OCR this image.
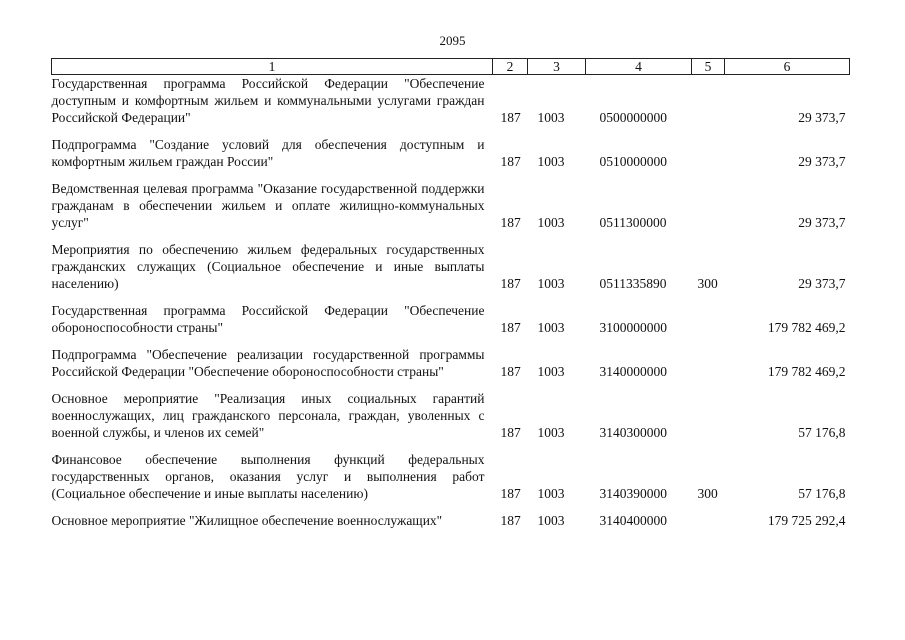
2095
1	2	3	4	5	6
Государственная программа Российской Федерации "Обеспечение доступным и комфортным жильем и коммунальными услугами граждан Российской Федерации"	187	1003	0500000000		29 373,7
Подпрограмма "Создание условий для обеспечения доступным и комфортным жильем граждан России"	187	1003	0510000000		29 373,7
Ведомственная целевая программа "Оказание государственной поддержки гражданам в обеспечении жильем и оплате жилищно-коммунальных услуг"	187	1003	0511300000		29 373,7
Мероприятия по обеспечению жильем федеральных государственных гражданских служащих (Социальное обеспечение и иные выплаты населению)	187	1003	0511335890	300	29 373,7
Государственная программа Российской Федерации "Обеспечение обороноспособности страны"	187	1003	3100000000		179 782 469,2
Подпрограмма "Обеспечение реализации государственной программы Российской Федерации "Обеспечение обороноспособности страны"	187	1003	3140000000		179 782 469,2
Основное мероприятие "Реализация иных социальных гарантий военнослужащих, лиц гражданского персонала, граждан, уволенных с военной службы, и членов их семей"	187	1003	3140300000		57 176,8
Финансовое обеспечение выполнения функций федеральных государственных органов, оказания услуг и выполнения работ (Социальное обеспечение и иные выплаты населению)	187	1003	3140390000	300	57 176,8
Основное мероприятие "Жилищное обеспечение военнослужащих"	187	1003	3140400000		179 725 292,4
